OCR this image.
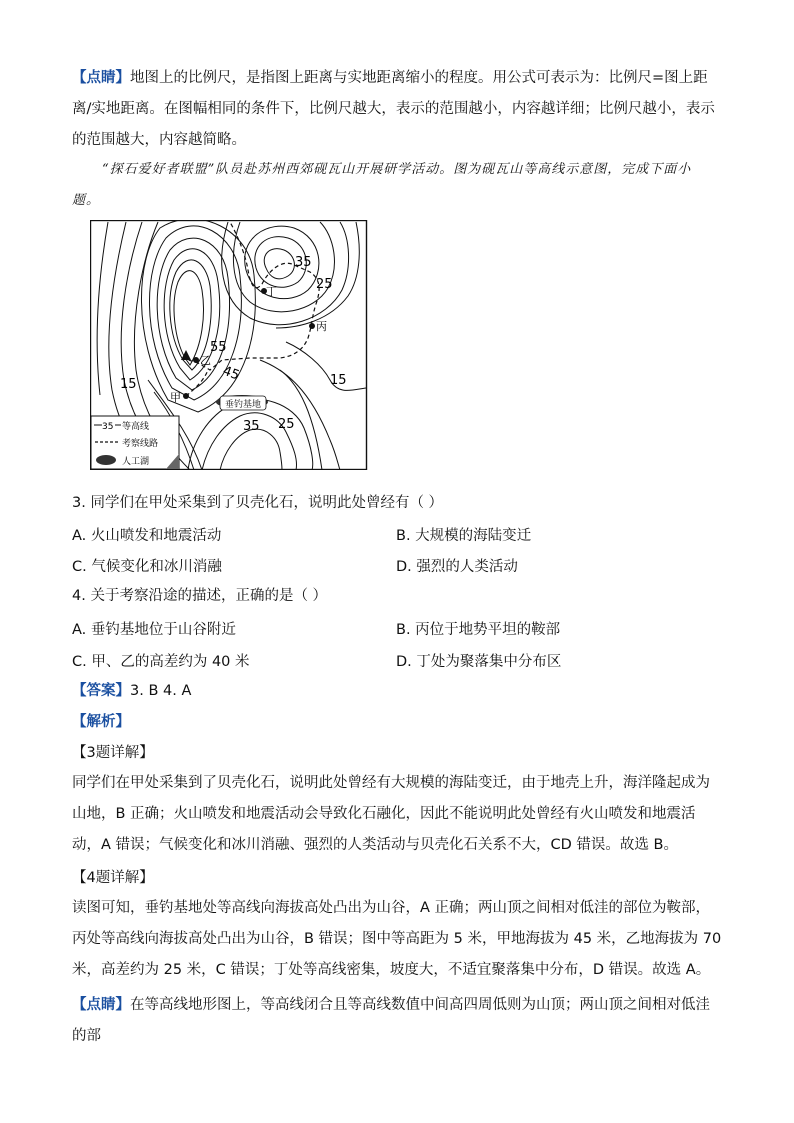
【点睛】地图上的比例尺，是指图上距离与实地距离缩小的程度。用公式可表示为：比例尺=图上距离/实地距离。在图幅相同的条件下，比例尺越大，表示的范围越小，内容越详细；比例尺越小，表示的范围越大，内容越简略。

“探石爱好者联盟”队员赴苏州西郊砚瓦山开展研学活动。图为砚瓦山等高线示意图，完成下面小
题。
垂钓基地
甲
乙
丙
丁
35
25
55
45
15	15
35 25
35 等高线
考察线路
人工湖
3. 同学们在甲处采集到了贝壳化石，说明此处曾经有（ ）
A. 火山喷发和地震活动	B. 大规模的海陆变迁
C. 气候变化和冰川消融	D. 强烈的人类活动
4. 关于考察沿途的描述，正确的是（ ）
A. 垂钓基地位于山谷附近	B. 丙位于地势平坦的鞍部
C. 甲、乙的高差约为 40 米	D. 丁处为聚落集中分布区
【答案】3. B 4. A
【解析】
【3题详解】

同学们在甲处采集到了贝壳化石，说明此处曾经有大规模的海陆变迁，由于地壳上升，海洋隆起成为山地，B 正确；火山喷发和地震活动会导致化石融化，因此不能说明此处曾经有火山喷发和地震活动，A 错误；气候变化和冰川消融、强烈的人类活动与贝壳化石关系不大，CD 错误。故选 B。

【4题详解】

读图可知，垂钓基地处等高线向海拔高处凸出为山谷，A 正确；两山顶之间相对低洼的部位为鞍部，丙处等高线向海拔高处凸出为山谷，B 错误；图中等高距为 5 米，甲地海拔为 45 米，乙地海拔为 70 米，高差约为 25 米，C 错误；丁处等高线密集，坡度大，不适宜聚落集中分布，D 错误。故选 A。

【点睛】在等高线地形图上，等高线闭合且等高线数值中间高四周低则为山顶；两山顶之间相对低洼的部
